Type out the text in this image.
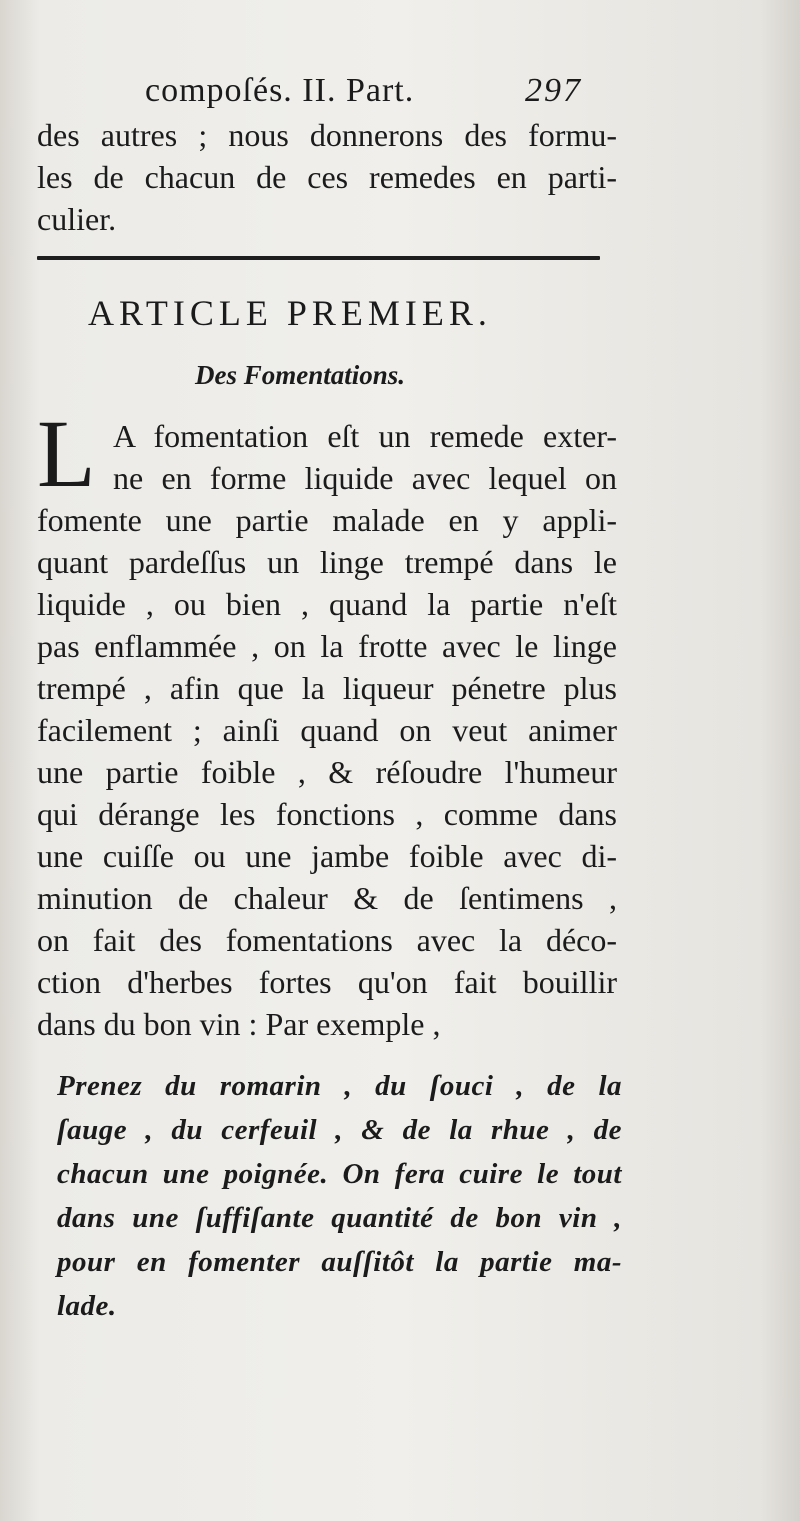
compoſés. II. Part.	297
des autres ; nous donnerons des formu-
les de chacun de ces remedes en parti-
culier.
ARTICLE PREMIER.
Des Fomentations.
L A fomentation eſt un remede exter-
ne en forme liquide avec lequel on
fomente une partie malade en y appli-
quant pardeſſus un linge trempé dans le
liquide , ou bien , quand la partie n'eſt
pas enflammée , on la frotte avec le linge
trempé , afin que la liqueur pénetre plus
facilement ; ainſi quand on veut animer
une partie foible , & réſoudre l'humeur
qui dérange les fonctions , comme dans
une cuiſſe ou une jambe foible avec di-
minution de chaleur & de ſentimens ,
on fait des fomentations avec la déco-
ction d'herbes fortes qu'on fait bouillir
dans du bon vin : Par exemple ,
Prenez du romarin , du ſouci , de la
ſauge , du cerfeuil , & de la rhue , de
chacun une poignée. On fera cuire le tout
dans une ſuffiſante quantité de bon vin ,
pour en fomenter auſſitôt la partie ma-
lade.
